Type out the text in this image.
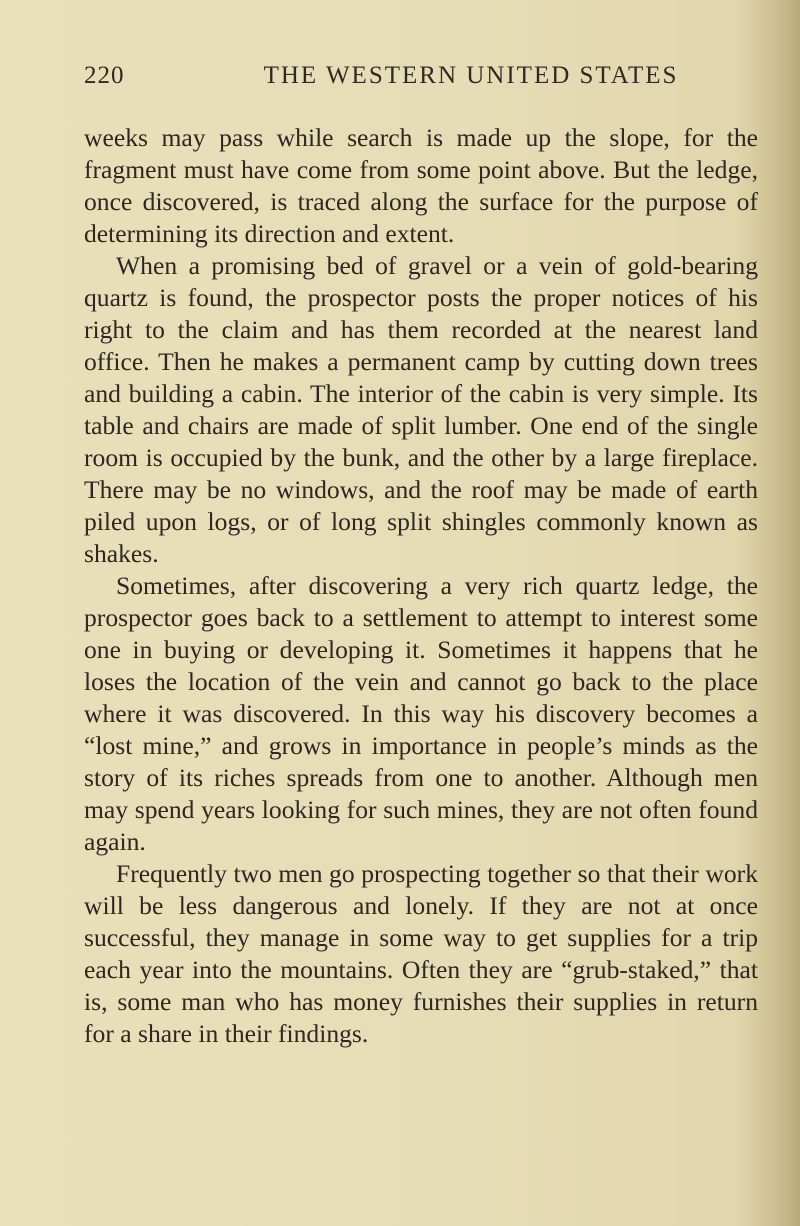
220	THE WESTERN UNITED STATES

weeks may pass while search is made up the slope, for the fragment must have come from some point above. But the ledge, once discovered, is traced along the surface for the purpose of determining its direction and extent.

When a promising bed of gravel or a vein of gold-bearing quartz is found, the prospector posts the proper notices of his right to the claim and has them recorded at the nearest land office. Then he makes a permanent camp by cutting down trees and building a cabin. The interior of the cabin is very simple. Its table and chairs are made of split lumber. One end of the single room is occupied by the bunk, and the other by a large fireplace. There may be no windows, and the roof may be made of earth piled upon logs, or of long split shingles commonly known as shakes.

Sometimes, after discovering a very rich quartz ledge, the prospector goes back to a settlement to attempt to interest some one in buying or developing it. Sometimes it happens that he loses the location of the vein and cannot go back to the place where it was discovered. In this way his discovery becomes a “lost mine,” and grows in importance in people’s minds as the story of its riches spreads from one to another. Although men may spend years looking for such mines, they are not often found again.

Frequently two men go prospecting together so that their work will be less dangerous and lonely. If they are not at once successful, they manage in some way to get supplies for a trip each year into the mountains. Often they are “grub-staked,” that is, some man who has money furnishes their supplies in return for a share in their findings.
